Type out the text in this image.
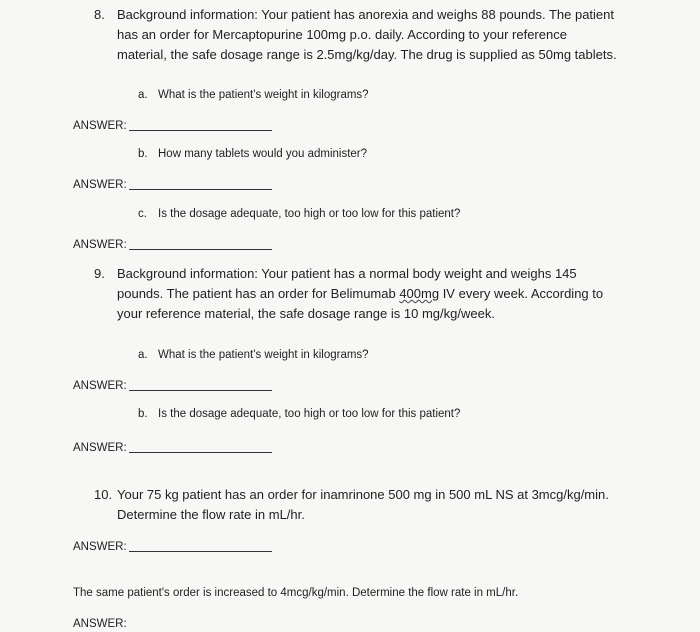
8. Background information: Your patient has anorexia and weighs 88 pounds. The patient
has an order for Mercaptopurine 100mg p.o. daily. According to your reference
material, the safe dosage range is 2.5mg/kg/day. The drug is supplied as 50mg tablets.
a. What is the patient's weight in kilograms?
ANSWER:
b. How many tablets would you administer?
ANSWER:
c. Is the dosage adequate, too high or too low for this patient?
ANSWER:
9. Background information: Your patient has a normal body weight and weighs 145
pounds. The patient has an order for Belimumab 400mg IV every week. According to
your reference material, the safe dosage range is 10 mg/kg/week.
a. What is the patient's weight in kilograms?
ANSWER:
b. Is the dosage adequate, too high or too low for this patient?
ANSWER:
10. Your 75 kg patient has an order for inamrinone 500 mg in 500 mL NS at 3mcg/kg/min.
Determine the flow rate in mL/hr.
ANSWER:
The same patient's order is increased to 4mcg/kg/min. Determine the flow rate in mL/hr.
ANSWER:
